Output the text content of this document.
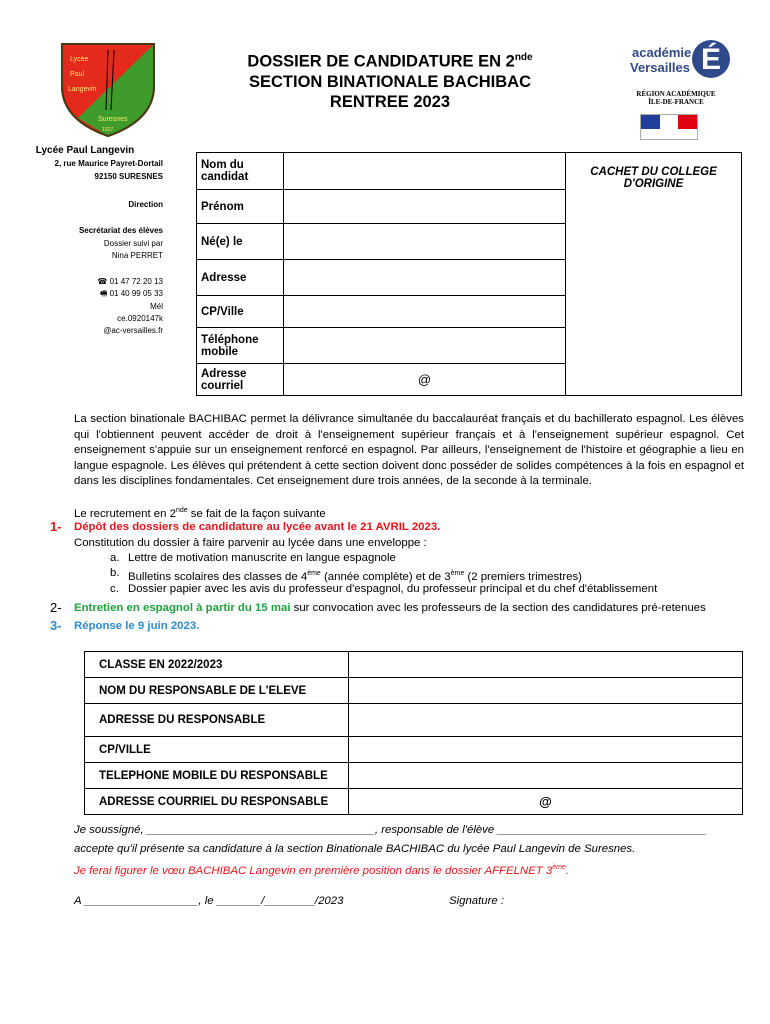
Lycée
Paul
Langevin
Suresnes
1927
DOSSIER DE CANDIDATURE EN 2nde
SECTION BINATIONALE BACHIBAC
RENTREE 2023
académie
Versailles É
RÉGION ACADÉMIQUE
ÎLE-DE-FRANCE
Lycée Paul Langevin
2, rue Maurice Payret-Dortail
92150 SURESNES
Direction
Secrétariat des élèves
Dossier suivi par
Nina PERRET
☎ 01 47 72 20 13
🖷 01 40 99 05 33
Mél
ce.0920147k
@ac-versailles.fr
Nom du candidat		CACHET DU COLLEGE D'ORIGINE
Prénom		
Né(e) le		
Adresse		
CP/Ville		
Téléphone mobile		
Adresse courriel	@	
La section binationale BACHIBAC permet la délivrance simultanée du baccalauréat français et du bachillerato espagnol. Les élèves qui l'obtiennent peuvent accéder de droit à l'enseignement supérieur français et à l'enseignement supérieur espagnol. Cet enseignement s'appuie sur un enseignement renforcé en espagnol. Par ailleurs, l'enseignement de l'histoire et géographie a lieu en langue espagnole. Les élèves qui prétendent à cette section doivent donc posséder de solides compétences à la fois en espagnol et dans les disciplines fondamentales. Cet enseignement dure trois années, de la seconde à la terminale.
Le recrutement en 2nde se fait de la façon suivante
1- Dépôt des dossiers de candidature au lycée avant le 21 AVRIL 2023.
Constitution du dossier à faire parvenir au lycée dans une enveloppe :
a. Lettre de motivation manuscrite en langue espagnole
b. Bulletins scolaires des classes de 4ème (année complète) et de 3ème (2 premiers trimestres)
c. Dossier papier avec les avis du professeur d'espagnol, du professeur principal et du chef d'établissement
2- Entretien en espagnol à partir du 15 mai sur convocation avec les professeurs de la section des candidatures pré-retenues
3- Réponse le 9 juin 2023.
CLASSE EN 2022/2023	
NOM DU RESPONSABLE DE L'ELEVE	
ADRESSE DU RESPONSABLE	
CP/VILLE	
TELEPHONE MOBILE DU RESPONSABLE	
ADRESSE COURRIEL DU RESPONSABLE	@
Je soussigné, ____________________________________, responsable de l'élève _________________________________
accepte qu'il présente sa candidature à la section Binationale BACHIBAC du lycée Paul Langevin de Suresnes.
Je ferai figurer le vœu BACHIBAC Langevin en première position dans le dossier AFFELNET 3ème.
A __________________, le _______/________/2023	Signature :
